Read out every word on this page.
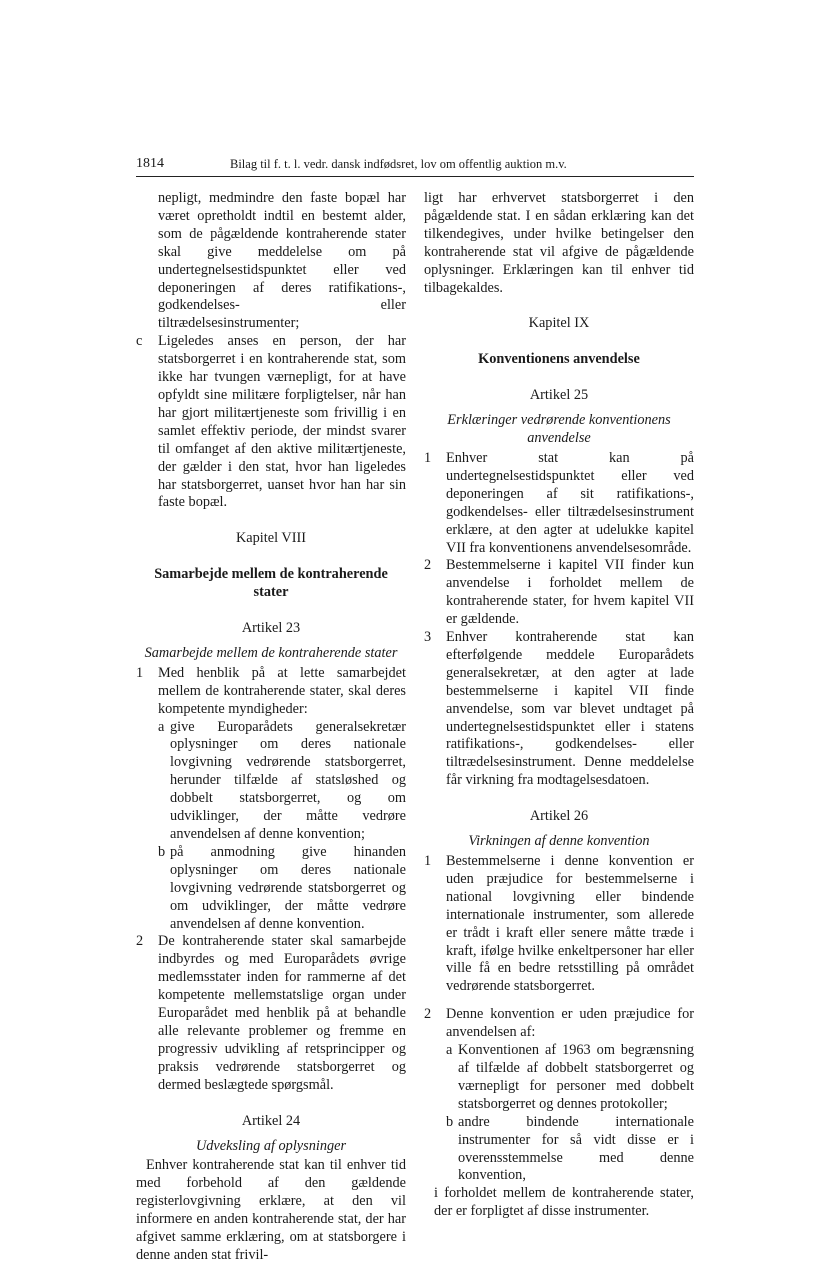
1814	Bilag til f. t. l. vedr. dansk indfødsret, lov om offentlig auktion m.v.

nepligt, medmindre den faste bopæl har været opretholdt indtil en bestemt alder, som de pågældende kontraherende stater skal give meddelelse om på undertegnelsestidspunktet eller ved deponeringen af deres ratifikations-, godkendelses- eller tiltrædelsesinstrumenter;

c Ligeledes anses en person, der har statsborgerret i en kontraherende stat, som ikke har tvungen værnepligt, for at have opfyldt sine militære forpligtelser, når han har gjort militærtjeneste som frivillig i en samlet effektiv periode, der mindst svarer til omfanget af den aktive militærtjeneste, der gælder i den stat, hvor han ligeledes har statsborgerret, uanset hvor han har sin faste bopæl.
Kapitel VIII
Samarbejde mellem de kontraherende stater
Artikel 23
Samarbejde mellem de kontraherende stater
1 Med henblik på at lette samarbejdet mellem de kontraherende stater, skal deres kompetente myndigheder:
a give Europarådets generalsekretær oplysninger om deres nationale lovgivning vedrørende statsborgerret, herunder tilfælde af statsløshed og dobbelt statsborgerret, og om udviklinger, der måtte vedrøre anvendelsen af denne konvention;
b på anmodning give hinanden oplysninger om deres nationale lovgivning vedrørende statsborgerret og om udviklinger, der måtte vedrøre anvendelsen af denne konvention.
2 De kontraherende stater skal samarbejde indbyrdes og med Europarådets øvrige medlemsstater inden for rammerne af det kompetente mellemstatslige organ under Europarådet med henblik på at behandle alle relevante problemer og fremme en progressiv udvikling af retsprincipper og praksis vedrørende statsborgerret og dermed beslægtede spørgsmål.
Artikel 24
Udveksling af oplysninger

Enhver kontraherende stat kan til enhver tid med forbehold af den gældende registerlovgivning erklære, at den vil informere en anden kontraherende stat, der har afgivet samme erklæring, om at statsborgere i denne anden stat frivil-

ligt har erhvervet statsborgerret i den pågældende stat. I en sådan erklæring kan det tilkendegives, under hvilke betingelser den kontraherende stat vil afgive de pågældende oplysninger. Erklæringen kan til enhver tid tilbagekaldes.

Kapitel IX
Konventionens anvendelse
Artikel 25
Erklæringer vedrørende konventionens anvendelse
1 Enhver stat kan på undertegnelsestidspunktet eller ved deponeringen af sit ratifikations-, godkendelses- eller tiltrædelsesinstrument erklære, at den agter at udelukke kapitel VII fra konventionens anvendelsesområde.
2 Bestemmelserne i kapitel VII finder kun anvendelse i forholdet mellem de kontraherende stater, for hvem kapitel VII er gældende.
3 Enhver kontraherende stat kan efterfølgende meddele Europarådets generalsekretær, at den agter at lade bestemmelserne i kapitel VII finde anvendelse, som var blevet undtaget på undertegnelsestidspunktet eller i statens ratifikations-, godkendelses- eller tiltrædelsesinstrument. Denne meddelelse får virkning fra modtagelsesdatoen.
Artikel 26
Virkningen af denne konvention
1 Bestemmelserne i denne konvention er uden præjudice for bestemmelserne i national lovgivning eller bindende internationale instrumenter, som allerede er trådt i kraft eller senere måtte træde i kraft, ifølge hvilke enkeltpersoner har eller ville få en bedre retsstilling på området vedrørende statsborgerret.
2 Denne konvention er uden præjudice for anvendelsen af:
a Konventionen af 1963 om begrænsning af tilfælde af dobbelt statsborgerret og værnepligt for personer med dobbelt statsborgerret og dennes protokoller;
b andre bindende internationale instrumenter for så vidt disse er i overensstemmelse med denne konvention,

i forholdet mellem de kontraherende stater, der er forpligtet af disse instrumenter.
